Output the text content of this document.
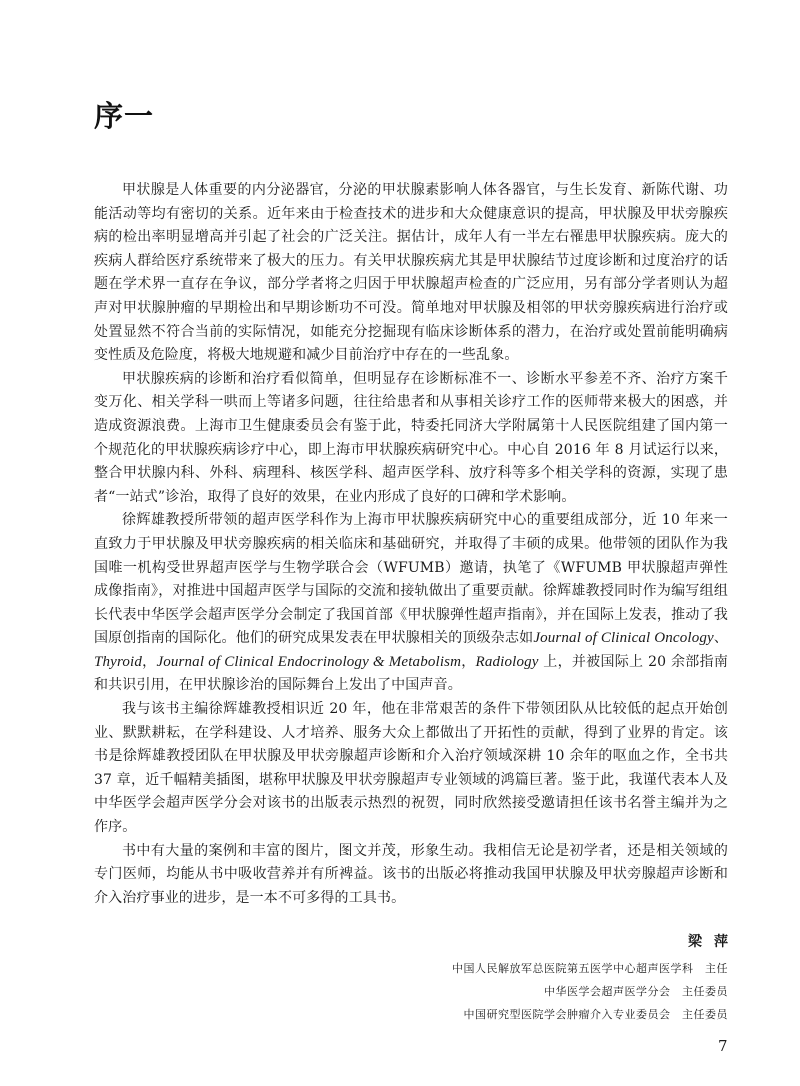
序一

甲状腺是人体重要的内分泌器官，分泌的甲状腺素影响人体各器官，与生长发育、新陈代谢、功能活动等均有密切的关系。近年来由于检查技术的进步和大众健康意识的提高，甲状腺及甲状旁腺疾病的检出率明显增高并引起了社会的广泛关注。据估计，成年人有一半左右罹患甲状腺疾病。庞大的疾病人群给医疗系统带来了极大的压力。有关甲状腺疾病尤其是甲状腺结节过度诊断和过度治疗的话题在学术界一直存在争议，部分学者将之归因于甲状腺超声检查的广泛应用，另有部分学者则认为超声对甲状腺肿瘤的早期检出和早期诊断功不可没。简单地对甲状腺及相邻的甲状旁腺疾病进行治疗或处置显然不符合当前的实际情况，如能充分挖掘现有临床诊断体系的潜力，在治疗或处置前能明确病变性质及危险度，将极大地规避和减少目前治疗中存在的一些乱象。

甲状腺疾病的诊断和治疗看似简单，但明显存在诊断标准不一、诊断水平参差不齐、治疗方案千变万化、相关学科一哄而上等诸多问题，往往给患者和从事相关诊疗工作的医师带来极大的困惑，并造成资源浪费。上海市卫生健康委员会有鉴于此，特委托同济大学附属第十人民医院组建了国内第一个规范化的甲状腺疾病诊疗中心，即上海市甲状腺疾病研究中心。中心自 2016 年 8 月试运行以来，整合甲状腺内科、外科、病理科、核医学科、超声医学科、放疗科等多个相关学科的资源，实现了患者“一站式”诊治，取得了良好的效果，在业内形成了良好的口碑和学术影响。

徐辉雄教授所带领的超声医学科作为上海市甲状腺疾病研究中心的重要组成部分，近 10 年来一直致力于甲状腺及甲状旁腺疾病的相关临床和基础研究，并取得了丰硕的成果。他带领的团队作为我国唯一机构受世界超声医学与生物学联合会（WFUMB）邀请，执笔了《WFUMB 甲状腺超声弹性成像指南》，对推进中国超声医学与国际的交流和接轨做出了重要贡献。徐辉雄教授同时作为编写组组长代表中华医学会超声医学分会制定了我国首部《甲状腺弹性超声指南》，并在国际上发表，推动了我国原创指南的国际化。他们的研究成果发表在甲状腺相关的顶级杂志如Journal of Clinical Oncology、Thyroid，Journal of Clinical Endocrinology & Metabolism，Radiology 上，并被国际上 20 余部指南和共识引用，在甲状腺诊治的国际舞台上发出了中国声音。

我与该书主编徐辉雄教授相识近 20 年，他在非常艰苦的条件下带领团队从比较低的起点开始创业、默默耕耘，在学科建设、人才培养、服务大众上都做出了开拓性的贡献，得到了业界的肯定。该书是徐辉雄教授团队在甲状腺及甲状旁腺超声诊断和介入治疗领域深耕 10 余年的呕血之作，全书共 37 章，近千幅精美插图，堪称甲状腺及甲状旁腺超声专业领域的鸿篇巨著。鉴于此，我谨代表本人及中华医学会超声医学分会对该书的出版表示热烈的祝贺，同时欣然接受邀请担任该书名誉主编并为之作序。

书中有大量的案例和丰富的图片，图文并茂，形象生动。我相信无论是初学者，还是相关领域的专门医师，均能从书中吸收营养并有所裨益。该书的出版必将推动我国甲状腺及甲状旁腺超声诊断和介入治疗事业的进步，是一本不可多得的工具书。

梁萍
中国人民解放军总医院第五医学中心超声医学科　主任
中华医学会超声医学分会　主任委员
中国研究型医院学会肿瘤介入专业委员会　主任委员
7
